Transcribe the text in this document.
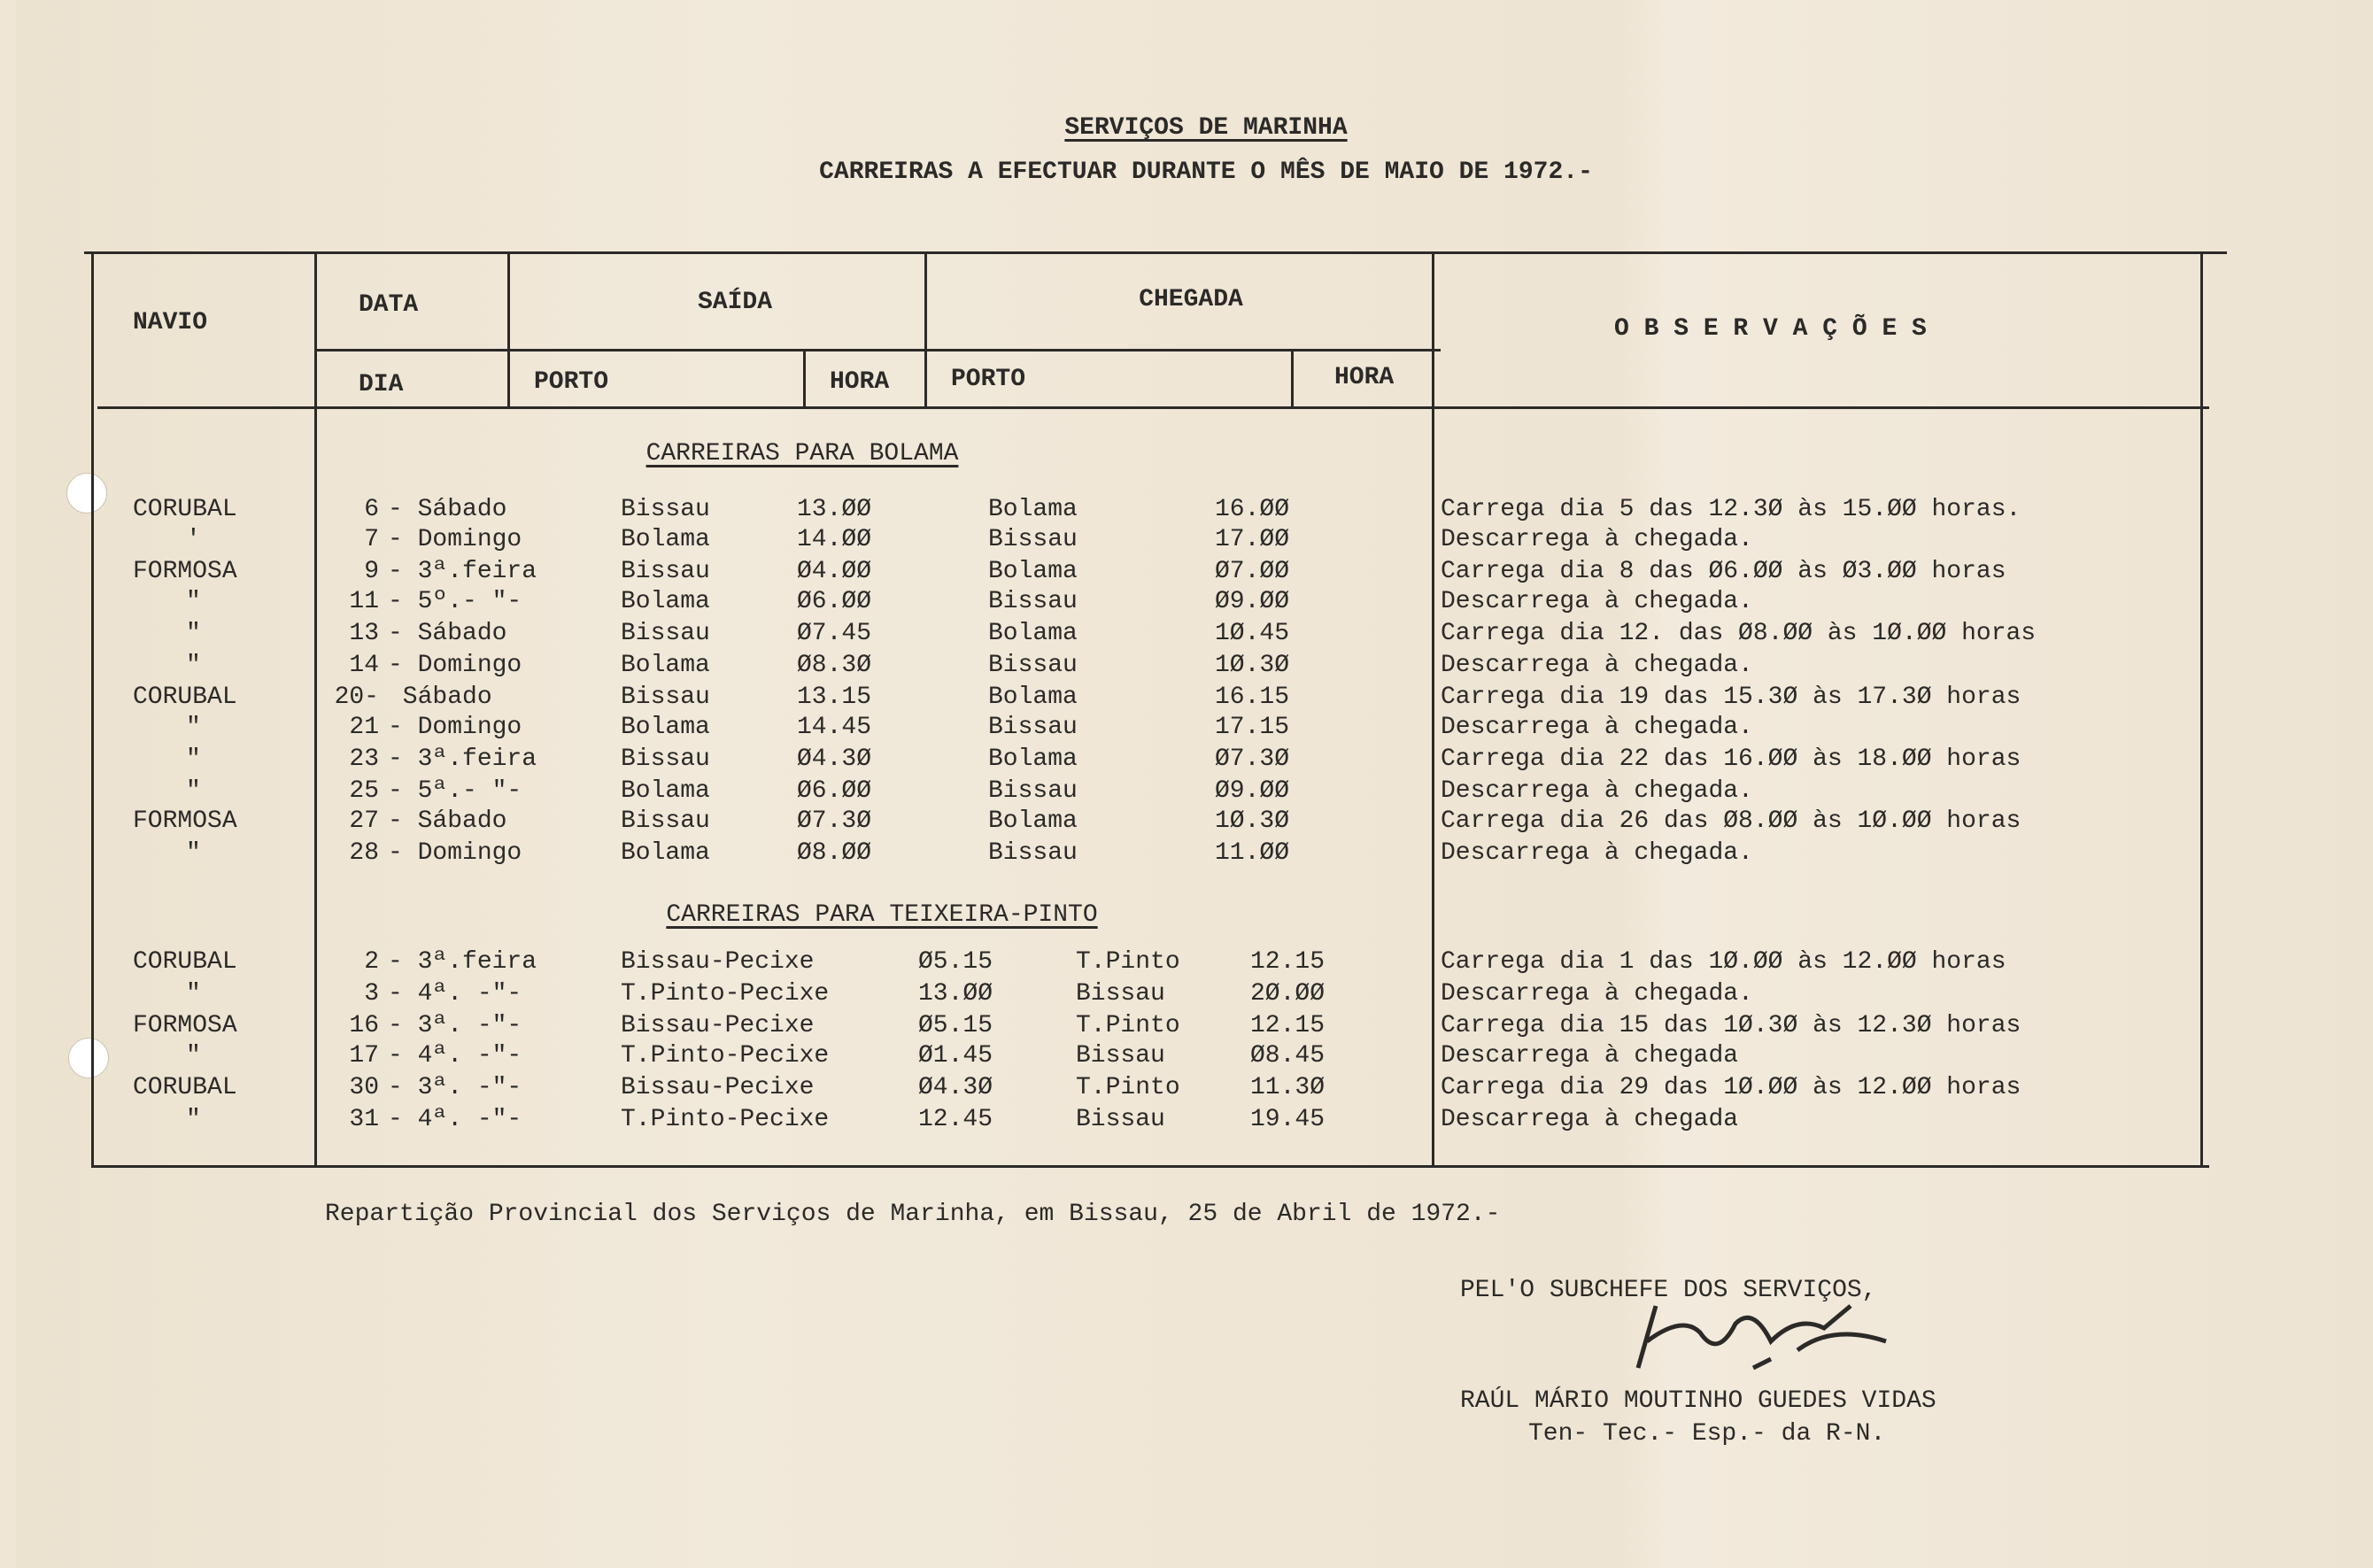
SERVIÇOS DE MARINHA
CARREIRAS A EFECTUAR DURANTE O MÊS DE MAIO DE 1972.-
NAVIO
DATA	SAÍDA	CHEGADA
O B S E R V A Ç Õ E S
DIA	PORTO	HORA PORTO	HORA
CARREIRAS PARA BOLAMA
CARREIRAS PARA TEIXEIRA-PINTO
CORUBAL	6 - Sábado	Bissau	13.ØØ	Bolama	16.ØØ	Carrega dia 5 das 12.3Ø às 15.ØØ horas.
'	7 - Domingo	Bolama	14.ØØ	Bissau	17.ØØ	Descarrega à chegada.
FORMOSA	9 - 3ª.feira	Bissau	Ø4.ØØ	Bolama	Ø7.ØØ	Carrega dia 8 das Ø6.ØØ às Ø3.ØØ horas
"	11 - 5º.- "-	Bolama	Ø6.ØØ	Bissau	Ø9.ØØ	Descarrega à chegada.
"	13 - Sábado	Bissau	Ø7.45	Bolama	1Ø.45	Carrega dia 12. das Ø8.ØØ às 1Ø.ØØ horas
"	14 - Domingo	Bolama	Ø8.3Ø	Bissau	1Ø.3Ø	Descarrega à chegada.
CORUBAL	20- Sábado	Bissau	13.15	Bolama	16.15	Carrega dia 19 das 15.3Ø às 17.3Ø horas
"	21 - Domingo	Bolama	14.45	Bissau	17.15	Descarrega à chegada.
"	23 - 3ª.feira	Bissau	Ø4.3Ø	Bolama	Ø7.3Ø	Carrega dia 22 das 16.ØØ às 18.ØØ horas
"	25 - 5ª.- "-	Bolama	Ø6.ØØ	Bissau	Ø9.ØØ	Descarrega à chegada.
FORMOSA	27 - Sábado	Bissau	Ø7.3Ø	Bolama	1Ø.3Ø	Carrega dia 26 das Ø8.ØØ às 1Ø.ØØ horas
"	28 - Domingo	Bolama	Ø8.ØØ	Bissau	11.ØØ	Descarrega à chegada.
CORUBAL	2 - 3ª.feira	Bissau-Pecixe	Ø5.15	T.Pinto	12.15	Carrega dia 1 das 1Ø.ØØ às 12.ØØ horas
"	3 - 4ª. -"-	T.Pinto-Pecixe	13.ØØ	Bissau	2Ø.ØØ	Descarrega à chegada.
FORMOSA	16 - 3ª. -"-	Bissau-Pecixe	Ø5.15	T.Pinto	12.15	Carrega dia 15 das 1Ø.3Ø às 12.3Ø horas
"	17 - 4ª. -"-	T.Pinto-Pecixe	Ø1.45	Bissau	Ø8.45	Descarrega à chegada
CORUBAL	30 - 3ª. -"-	Bissau-Pecixe	Ø4.3Ø	T.Pinto	11.3Ø	Carrega dia 29 das 1Ø.ØØ às 12.ØØ horas
"	31 - 4ª. -"-	T.Pinto-Pecixe	12.45	Bissau	19.45	Descarrega à chegada
Repartição Provincial dos Serviços de Marinha, em Bissau, 25 de Abril de 1972.-
PEL'O SUBCHEFE DOS SERVIÇOS,
RAÚL MÁRIO MOUTINHO GUEDES VIDAS
Ten- Tec.- Esp.- da R-N.
